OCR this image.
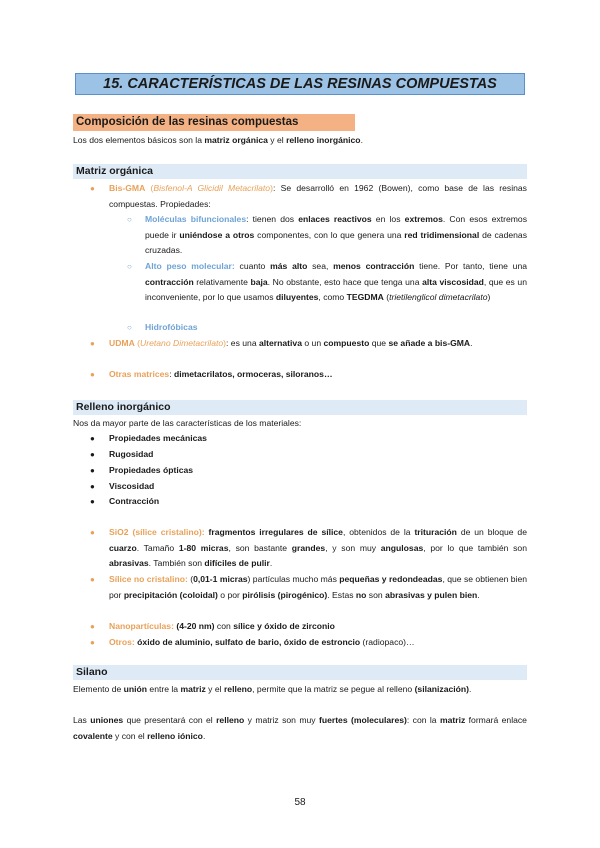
15. CARACTERÍSTICAS DE LAS RESINAS COMPUESTAS
Composición de las resinas compuestas
Los dos elementos básicos son la matriz orgánica y el relleno inorgánico.
Matriz orgánica
● Bis-GMA (Bisfenol-A Glicidil Metacrilato): Se desarrolló en 1962 (Bowen), como base de las resinas compuestas. Propiedades:
○ Moléculas bifuncionales: tienen dos enlaces reactivos en los extremos. Con esos extremos puede ir uniéndose a otros componentes, con lo que genera una red tridimensional de cadenas cruzadas.
○ Alto peso molecular: cuanto más alto sea, menos contracción tiene. Por tanto, tiene una contracción relativamente baja. No obstante, esto hace que tenga una alta viscosidad, que es un inconveniente, por lo que usamos diluyentes, como TEGDMA (trietilenglicol dimetacrilato)
○ Hidrofóbicas
● UDMA (Uretano Dimetacrilato): es una alternativa o un compuesto que se añade a bis-GMA.
● Otras matrices: dimetacrilatos, ormoceras, siloranos…
Relleno inorgánico
Nos da mayor parte de las características de los materiales:
● Propiedades mecánicas
● Rugosidad
● Propiedades ópticas
● Viscosidad
● Contracción
● SiO2 (sílice cristalino): fragmentos irregulares de sílice, obtenidos de la trituración de un bloque de cuarzo. Tamaño 1-80 micras, son bastante grandes, y son muy angulosas, por lo que también son abrasivas. También son difíciles de pulir.
● Sílice no cristalino: (0,01-1 micras) partículas mucho más pequeñas y redondeadas, que se obtienen bien por precipitación (coloidal) o por pirólisis (pirogénico). Estas no son abrasivas y pulen bien.
● Nanopartículas: (4-20 nm) con sílice y óxido de zirconio
● Otros: óxido de aluminio, sulfato de bario, óxido de estroncio (radiopaco)…
Silano
Elemento de unión entre la matriz y el relleno, permite que la matriz se pegue al relleno (silanización).
Las uniones que presentará con el relleno y matriz son muy fuertes (moleculares): con la matriz formará enlace covalente y con el relleno iónico.
58
